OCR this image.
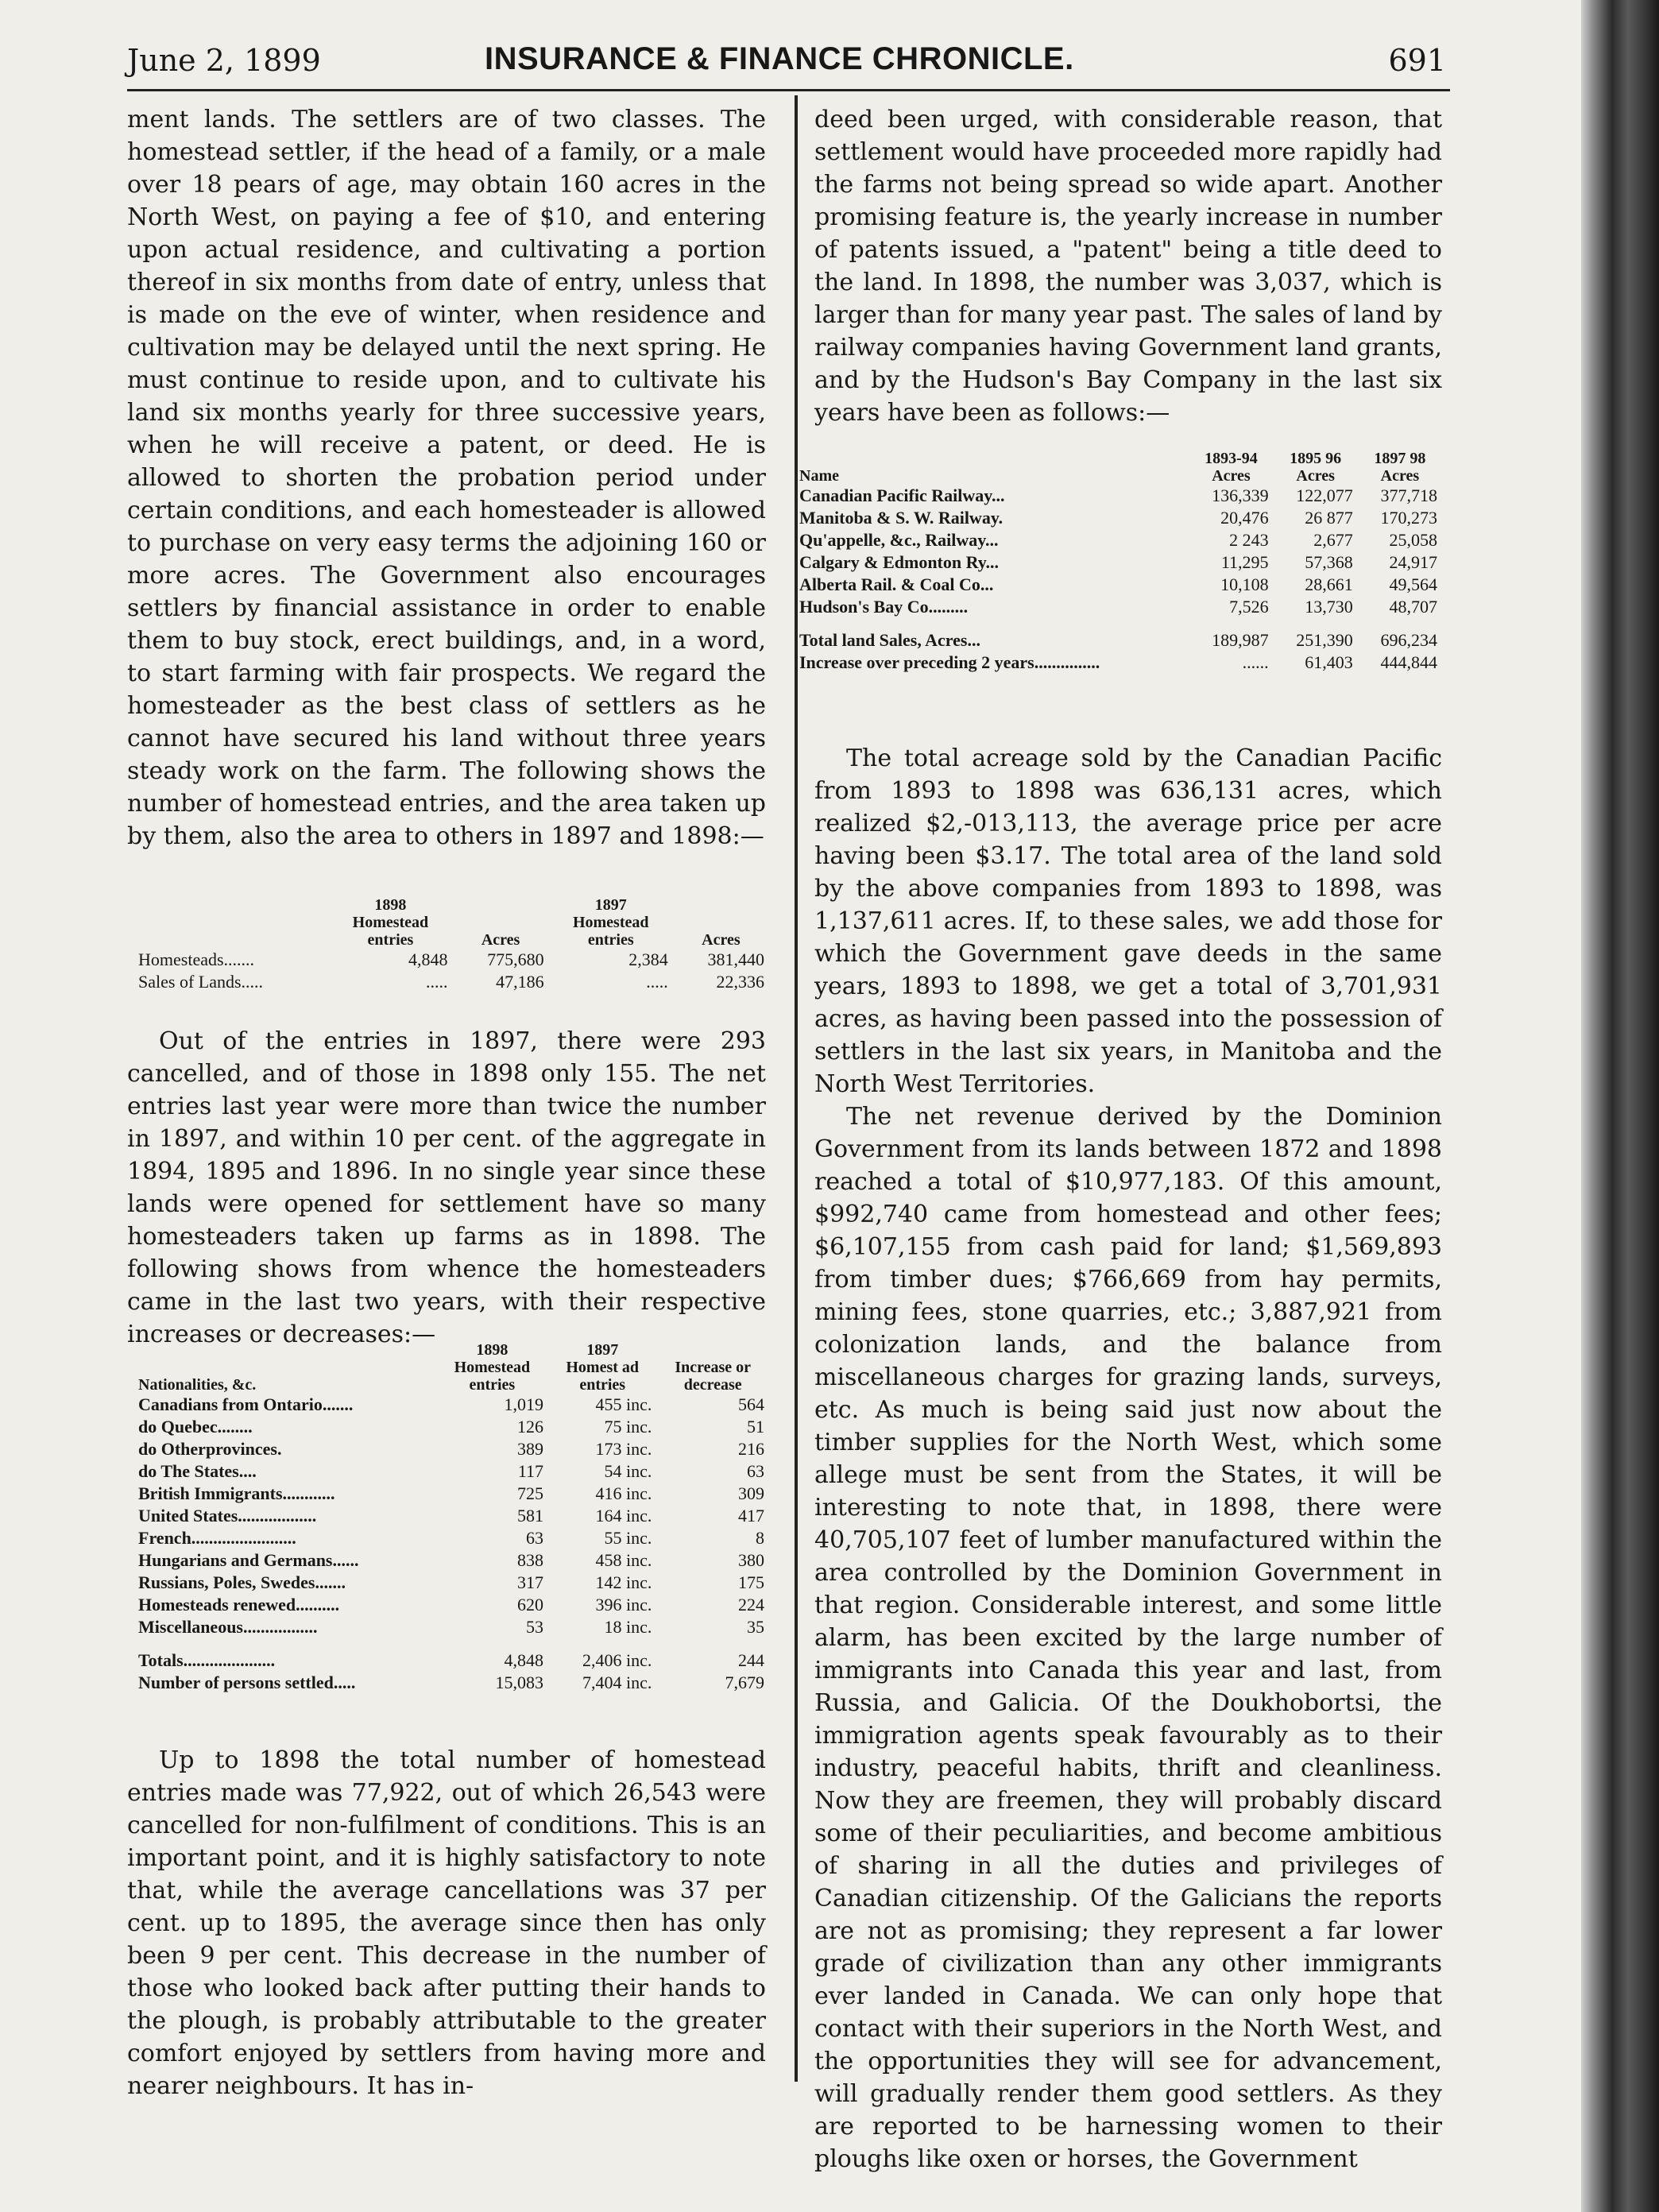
June 2, 1899	INSURANCE & FINANCE CHRONICLE.	691

ment lands. The settlers are of two classes. The homestead settler, if the head of a family, or a male over 18 pears of age, may obtain 160 acres in the North West, on paying a fee of $10, and entering upon actual residence, and cultivating a portion thereof in six months from date of entry, unless that is made on the eve of winter, when residence and cultivation may be delayed until the next spring. He must continue to reside upon, and to cultivate his land six months yearly for three successive years, when he will receive a patent, or deed. He is allowed to shorten the probation period under certain conditions, and each homesteader is allowed to purchase on very easy terms the adjoining 160 or more acres. The Government also encourages settlers by financial assistance in order to enable them to buy stock, erect buildings, and, in a word, to start farming with fair prospects. We regard the homesteader as the best class of settlers as he cannot have secured his land without three years steady work on the farm. The following shows the number of homestead entries, and the area taken up by them, also the area to others in 1897 and 1898:—

	1898
Homestead
entries	Acres	1897
Homestead
entries	Acres
Homesteads.......	4,848	775,680	2,384	381,440
Sales of Lands.....	.....	47,186	.....	22,336

Out of the entries in 1897, there were 293 cancelled, and of those in 1898 only 155. The net entries last year were more than twice the number in 1897, and within 10 per cent. of the aggregate in 1894, 1895 and 1896. In no single year since these lands were opened for settlement have so many homesteaders taken up farms as in 1898. The following shows from whence the homesteaders came in the last two years, with their respective increases or decreases:—

Nationalities, &c.	1898
Homestead
entries	1897
Homest ad
entries	Increase or
decrease
Canadians from Ontario.......	1,019	455 inc.	564
do Quebec........	126	75 inc.	51
do Otherprovinces.	389	173 inc.	216
do The States....	117	54 inc.	63
British Immigrants............	725	416 inc.	309
United States..................	581	164 inc.	417
French........................	63	55 inc.	8
Hungarians and Germans......	838	458 inc.	380
Russians, Poles, Swedes.......	317	142 inc.	175
Homesteads renewed..........	620	396 inc.	224
Miscellaneous.................	53	18 inc.	35
Totals.....................	4,848	2,406 inc.	244
Number of persons settled.....	15,083	7,404 inc.	7,679

Up to 1898 the total number of homestead entries made was 77,922, out of which 26,543 were cancelled for non-fulfilment of conditions. This is an important point, and it is highly satisfactory to note that, while the average cancellations was 37 per cent. up to 1895, the average since then has only been 9 per cent. This decrease in the number of those who looked back after putting their hands to the plough, is probably attributable to the greater comfort enjoyed by settlers from having more and nearer neighbours. It has in-

deed been urged, with considerable reason, that settlement would have proceeded more rapidly had the farms not being spread so wide apart. Another promising feature is, the yearly increase in number of patents issued, a "patent" being a title deed to the land. In 1898, the number was 3,037, which is larger than for many year past. The sales of land by railway companies having Government land grants, and by the Hudson's Bay Company in the last six years have been as follows:—

Name	1893-94
Acres	1895 96
Acres	1897 98
Acres
Canadian Pacific Railway...	136,339	122,077	377,718
Manitoba & S. W. Railway.	20,476	26 877	170,273
Qu'appelle, &c., Railway...	2 243	2,677	25,058
Calgary & Edmonton Ry...	11,295	57,368	24,917
Alberta Rail. & Coal Co...	10,108	28,661	49,564
Hudson's Bay Co.........	7,526	13,730	48,707
Total land Sales, Acres...	189,987	251,390	696,234
Increase over preceding 2 years...............	......	61,403	444,844

The total acreage sold by the Canadian Pacific from 1893 to 1898 was 636,131 acres, which realized $2,-013,113, the average price per acre having been $3.17. The total area of the land sold by the above companies from 1893 to 1898, was 1,137,611 acres. If, to these sales, we add those for which the Government gave deeds in the same years, 1893 to 1898, we get a total of 3,701,931 acres, as having been passed into the possession of settlers in the last six years, in Manitoba and the North West Territories.

The net revenue derived by the Dominion Government from its lands between 1872 and 1898 reached a total of $10,977,183. Of this amount, $992,740 came from homestead and other fees; $6,107,155 from cash paid for land; $1,569,893 from timber dues; $766,669 from hay permits, mining fees, stone quarries, etc.; 3,887,921 from colonization lands, and the balance from miscellaneous charges for grazing lands, surveys, etc. As much is being said just now about the timber supplies for the North West, which some allege must be sent from the States, it will be interesting to note that, in 1898, there were 40,705,107 feet of lumber manufactured within the area controlled by the Dominion Government in that region. Considerable interest, and some little alarm, has been excited by the large number of immigrants into Canada this year and last, from Russia, and Galicia. Of the Doukhobortsi, the immigration agents speak favourably as to their industry, peaceful habits, thrift and cleanliness. Now they are freemen, they will probably discard some of their peculiarities, and become ambitious of sharing in all the duties and privileges of Canadian citizenship. Of the Galicians the reports are not as promising; they represent a far lower grade of civilization than any other immigrants ever landed in Canada. We can only hope that contact with their superiors in the North West, and the opportunities they will see for advancement, will gradually render them good settlers. As they are reported to be harnessing women to their ploughs like oxen or horses, the Government
